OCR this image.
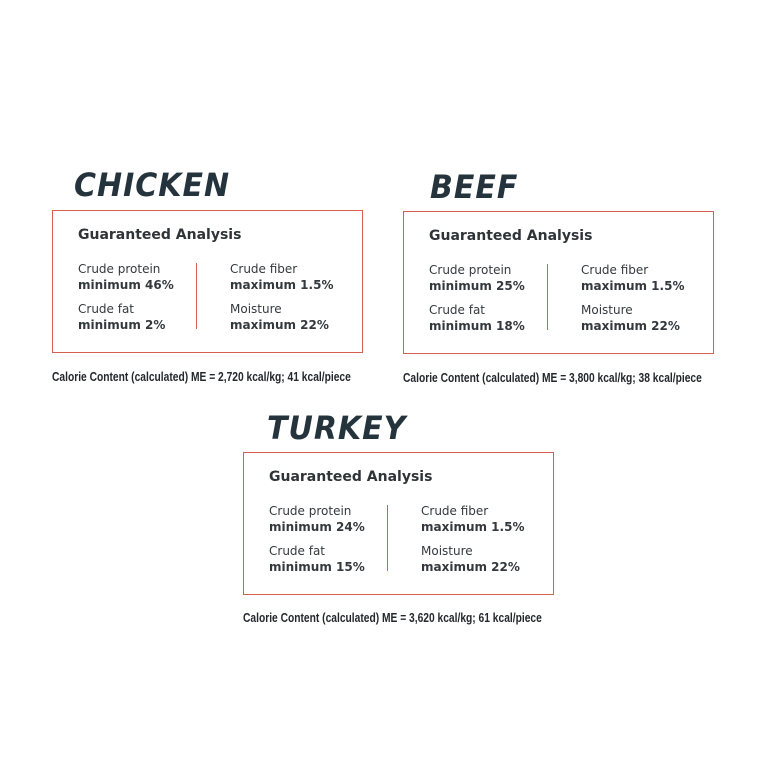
CHICKEN
Guaranteed Analysis
Crude protein
minimum 46%
Crude fat
minimum 2%
Crude fiber
maximum 1.5%
Moisture
maximum 22%
Calorie Content (calculated) ME = 2,720 kcal/kg; 41 kcal/piece
BEEF
Guaranteed Analysis
Crude protein
minimum 25%
Crude fat
minimum 18%
Crude fiber
maximum 1.5%
Moisture
maximum 22%
Calorie Content (calculated) ME = 3,800 kcal/kg; 38 kcal/piece
TURKEY
Guaranteed Analysis
Crude protein
minimum 24%
Crude fat
minimum 15%
Crude fiber
maximum 1.5%
Moisture
maximum 22%
Calorie Content (calculated) ME = 3,620 kcal/kg; 61 kcal/piece
